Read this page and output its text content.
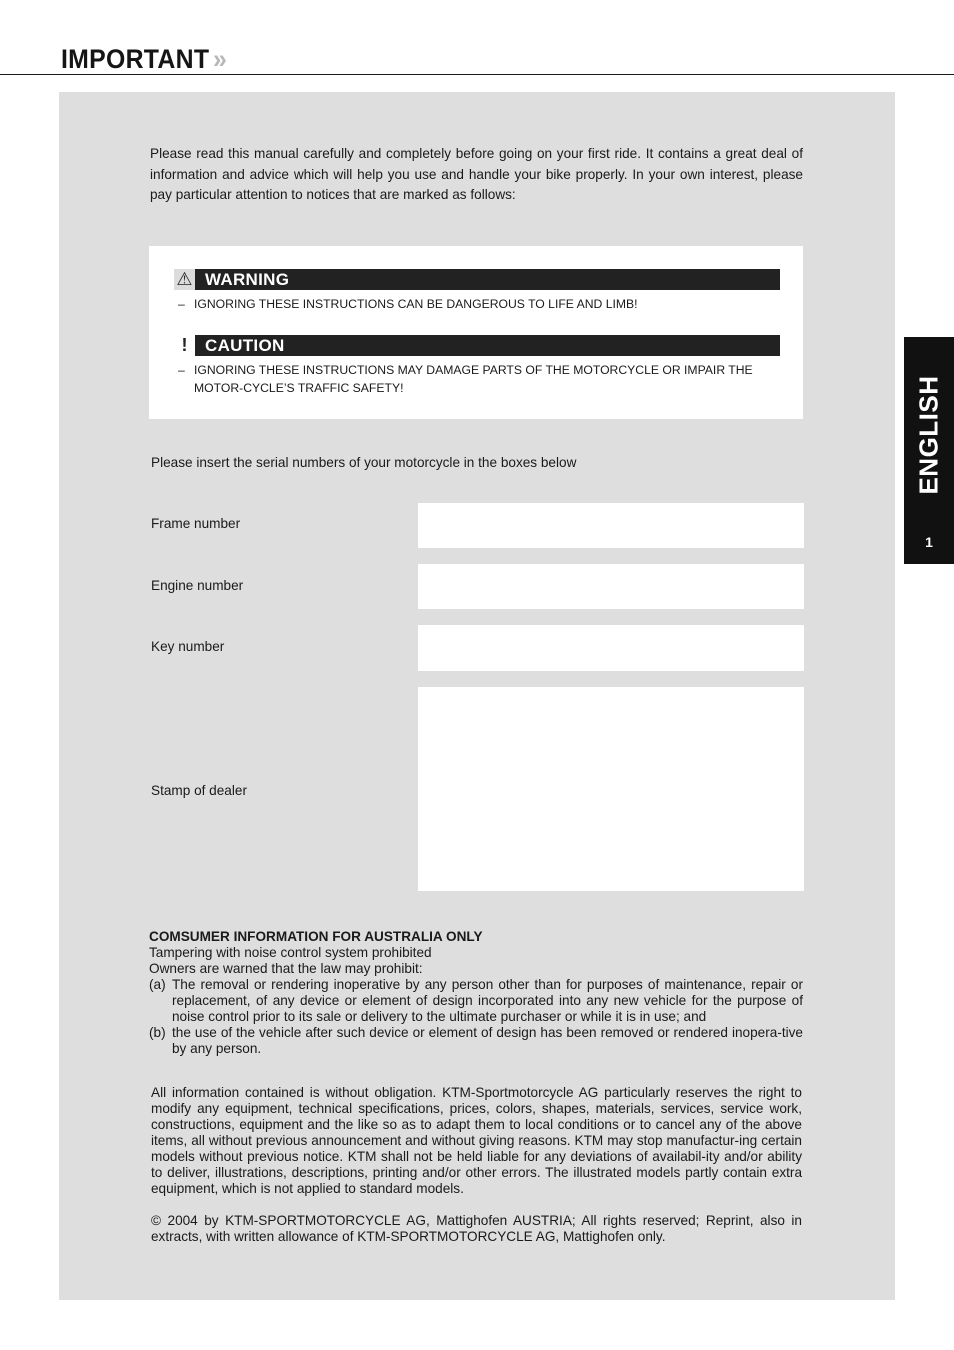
IMPORTANT »
Please read this manual carefully and completely before going on your first ride. It contains a great deal of information and advice which will help you use and handle your bike properly. In your own interest, please pay particular attention to notices that are marked as follows:
⚠ WARNING
– IGNORING THESE INSTRUCTIONS CAN BE DANGEROUS TO LIFE AND LIMB!
!	CAUTION
– IGNORING THESE INSTRUCTIONS MAY DAMAGE PARTS OF THE MOTORCYCLE OR IMPAIR THE MOTOR-CYCLE’S TRAFFIC SAFETY!
Please insert the serial numbers of your motorcycle in the boxes below
Frame number
Engine number
Key number
Stamp of dealer
COMSUMER INFORMATION FOR AUSTRALIA ONLY
Tampering with noise control system prohibited
Owners are warned that the law may prohibit:
(a) The removal or rendering inoperative by any person other than for purposes of maintenance, repair or replacement, of any device or element of design incorporated into any new vehicle for the purpose of noise control prior to its sale or delivery to the ultimate purchaser or while it is in use; and
(b) the use of the vehicle after such device or element of design has been removed or rendered inopera-tive by any person.
All information contained is without obligation. KTM-Sportmotorcycle AG particularly reserves the right to modify any equipment, technical specifications, prices, colors, shapes, materials, services, service work, constructions, equipment and the like so as to adapt them to local conditions or to cancel any of the above items, all without previous announcement and without giving reasons. KTM may stop manufactur-ing certain models without previous notice. KTM shall not be held liable for any deviations of availabil-ity and/or ability to deliver, illustrations, descriptions, printing and/or other errors. The illustrated models partly contain extra equipment, which is not applied to standard models.
© 2004 by KTM-SPORTMOTORCYCLE AG, Mattighofen AUSTRIA; All rights reserved; Reprint, also in extracts, with written allowance of KTM-SPORTMOTORCYCLE AG, Mattighofen only.
ENGLISH
1
